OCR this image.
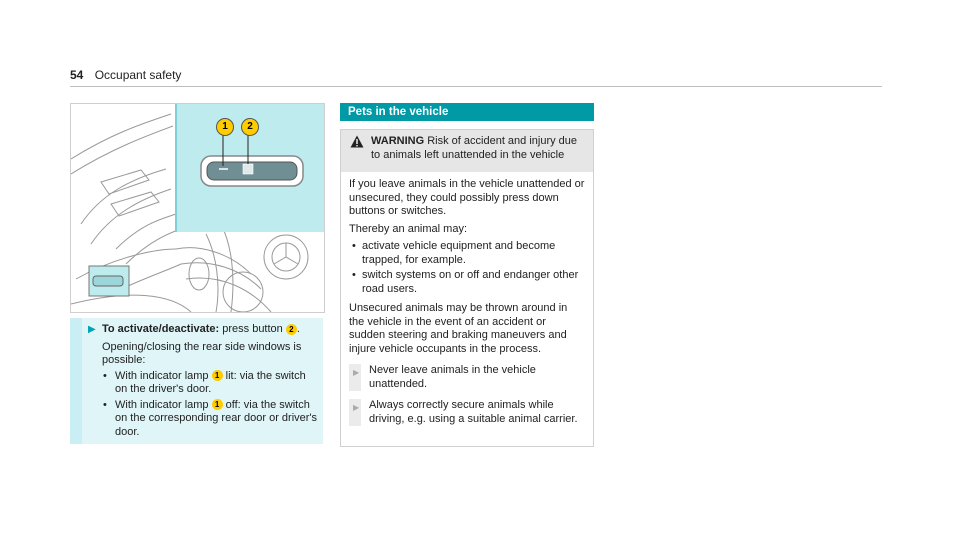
54 Occupant safety
1	2
▶ To activate/deactivate: press button 2 .
Opening/closing the rear side windows is possible:
• With indicator lamp 1 lit: via the switch on the driver's door.
• With indicator lamp 1 off: via the switch on the corresponding rear door or driver's door.
Pets in the vehicle
WARNING Risk of accident and injury due to animals left unattended in the vehicle

If you leave animals in the vehicle unattended or unsecured, they could possibly press down buttons or switches.

Thereby an animal may:

• activate vehicle equipment and become trapped, for example.
• switch systems on or off and endanger other road users.

Unsecured animals may be thrown around in the vehicle in the event of an accident or sudden steering and braking maneuvers and injure vehicle occupants in the process.

▶ Never leave animals in the vehicle unattended.
▶ Always correctly secure animals while driving, e.g. using a suitable animal carrier.
